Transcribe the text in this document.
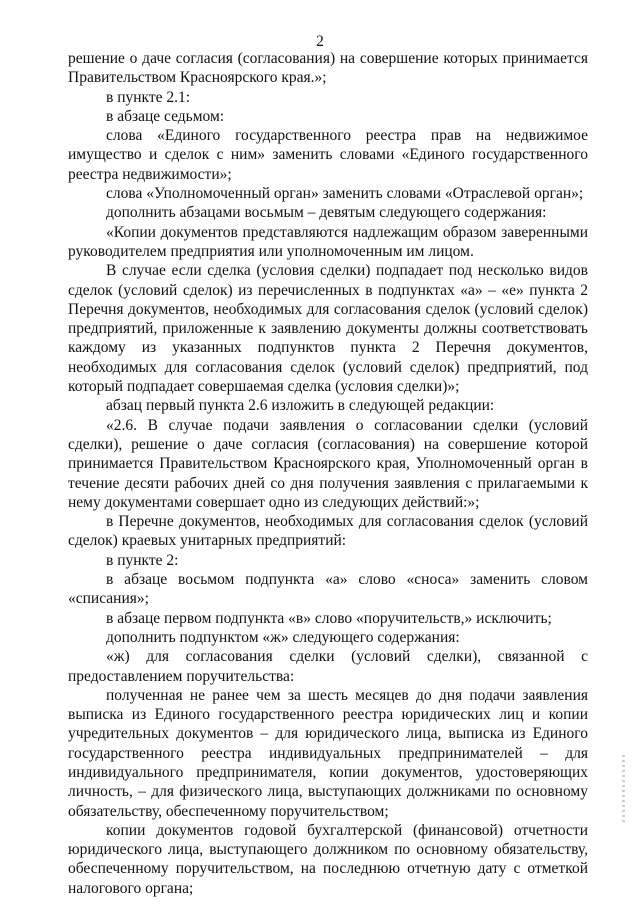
2

решение о даче согласия (согласования) на совершение которых принимается Правительством Красноярского края.»;

в пункте 2.1:

в абзаце седьмом:

слова «Единого государственного реестра прав на недвижимое имущество и сделок с ним» заменить словами «Единого государственного реестра недвижимости»;

слова «Уполномоченный орган» заменить словами «Отраслевой орган»;

дополнить абзацами восьмым – девятым следующего содержания:

«Копии документов представляются надлежащим образом заверенными руководителем предприятия или уполномоченным им лицом.

В случае если сделка (условия сделки) подпадает под несколько видов сделок (условий сделок) из перечисленных в подпунктах «а» – «е» пункта 2 Перечня документов, необходимых для согласования сделок (условий сделок) предприятий, приложенные к заявлению документы должны соответствовать каждому из указанных подпунктов пункта 2 Перечня документов, необходимых для согласования сделок (условий сделок) предприятий, под который подпадает совершаемая сделка (условия сделки)»;

абзац первый пункта 2.6 изложить в следующей редакции:

«2.6. В случае подачи заявления о согласовании сделки (условий сделки), решение о даче согласия (согласования) на совершение которой принимается Правительством Красноярского края, Уполномоченный орган в течение десяти рабочих дней со дня получения заявления с прилагаемыми к нему документами совершает одно из следующих действий:»;

в Перечне документов, необходимых для согласования сделок (условий сделок) краевых унитарных предприятий:

в пункте 2:

в абзаце восьмом подпункта «а» слово «сноса» заменить словом «списания»;

в абзаце первом подпункта «в» слово «поручительств,» исключить;

дополнить подпунктом «ж» следующего содержания:

«ж) для согласования сделки (условий сделки), связанной с предоставлением поручительства:

полученная не ранее чем за шесть месяцев до дня подачи заявления выписка из Единого государственного реестра юридических лиц и копии учредительных документов – для юридического лица, выписка из Единого государственного реестра индивидуальных предпринимателей – для индивидуального предпринимателя, копии документов, удостоверяющих личность, – для физического лица, выступающих должниками по основному обязательству, обеспеченному поручительством;

копии документов годовой бухгалтерской (финансовой) отчетности юридического лица, выступающего должником по основному обязательству, обеспеченному поручительством, на последнюю отчетную дату с отметкой налогового органа;
